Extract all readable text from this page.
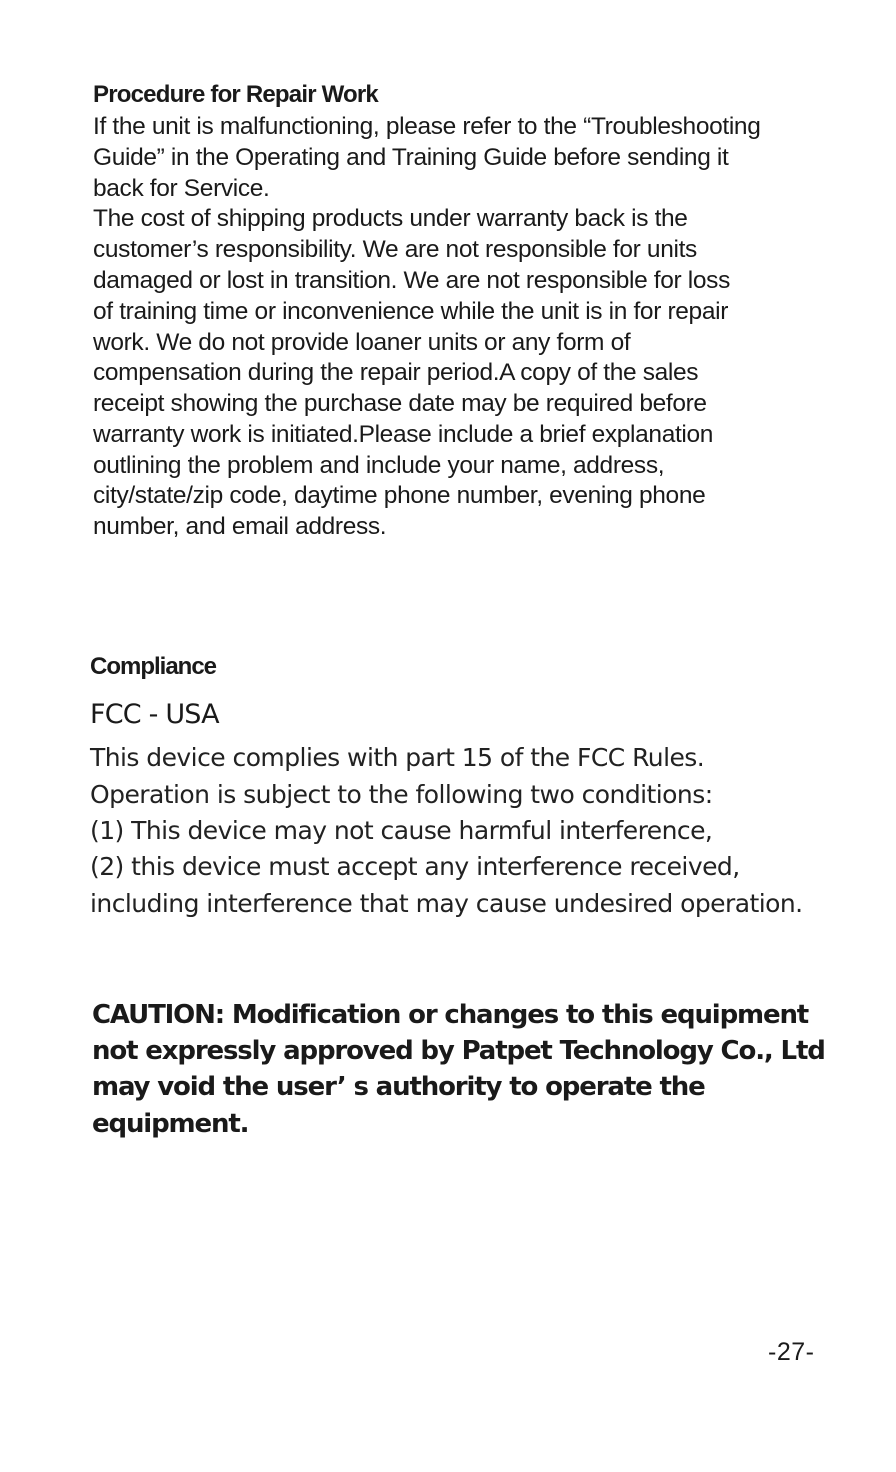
Procedure for Repair Work
If the unit is malfunctioning, please refer to the “Troubleshooting
Guide” in the Operating and Training Guide before sending it
back for Service.
The cost of shipping products under warranty back is the
customer’s responsibility. We are not responsible for units
damaged or lost in transition. We are not responsible for loss
of training time or inconvenience while the unit is in for repair
work. We do not provide loaner units or any form of
compensation during the repair period.A copy of the sales
receipt showing the purchase date may be required before
warranty work is initiated.Please include a brief explanation
outlining the problem and include your name, address,
city/state/zip code, daytime phone number, evening phone
number, and email address.
Compliance
FCC - USA
This device complies with part 15 of the FCC Rules.
Operation is subject to the following two conditions:
(1) This device may not cause harmful interference,
(2) this device must accept any interference received,
including interference that may cause undesired operation.
CAUTION: Modification or changes to this equipment
not expressly approved by Patpet Technology Co., Ltd
may void the user’ s authority to operate the
equipment.
-27-
